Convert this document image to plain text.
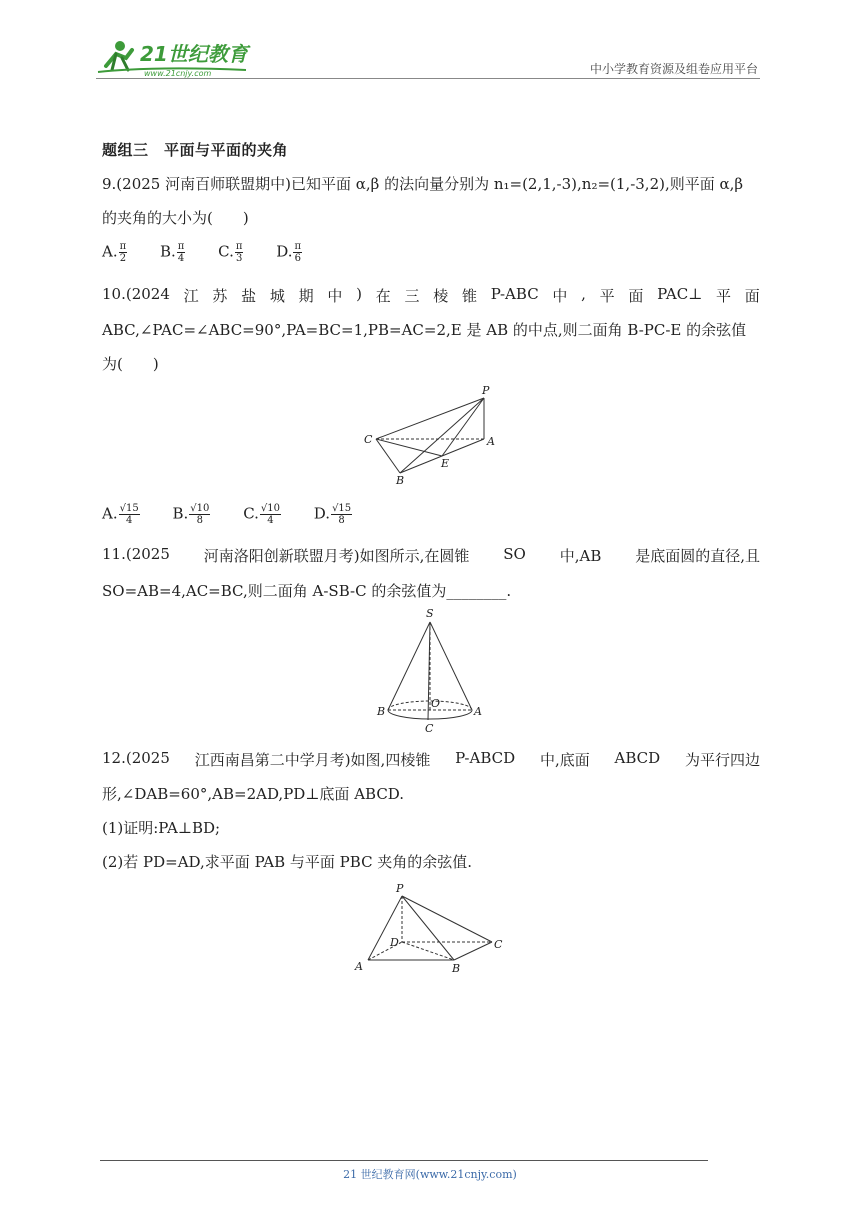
21世纪教育
www.21cnjy.com	中小学教育资源及组卷应用平台
题组三　平面与平面的夹角
9.(2025 河南百师联盟期中)已知平面 α,β 的法向量分别为 n₁=(2,1,-3),n₂=(1,-3,2),则平面 α,β
的夹角的大小为(　　)
A. $\frac{\pi}{2} B$. $\frac{\pi}{4} C$. $\frac{\pi}{3} D$. $\frac{\pi}{6}$
10.(2024 江 苏 盐 城 期 中 ) 在 三 棱 锥 P-ABC 中 , 平 面 PAC⊥ 平 面
ABC,∠PAC=∠ABC=90°,PA=BC=1,PB=AC=2,E 是 AB 的中点,则二面角 B-PC-E 的余弦值
为(　　)
P
C	A
E
B
A. $\frac{√15}{4} B$. $\frac{√10}{8} C$. $\frac{√10}{4} D$. $\frac{√15}{8}$
11.(2025 河南洛阳创新联盟月考)如图所示,在圆锥 SO 中,AB 是底面圆的直径,且
SO=AB=4,AC=BC,则二面角 A-SB-C 的余弦值为________.
S
O
B	A
C
12.(2025 江西南昌第二中学月考)如图,四棱锥 P-ABCD 中,底面 ABCD 为平行四边
形,∠DAB=60°,AB=2AD,PD⊥底面 ABCD.
(1)证明:PA⊥BD;
(2)若 PD=AD,求平面 PAB 与平面 PBC 夹角的余弦值.
P
D	C
A	B
21 世纪教育网(www.21cnjy.com)
